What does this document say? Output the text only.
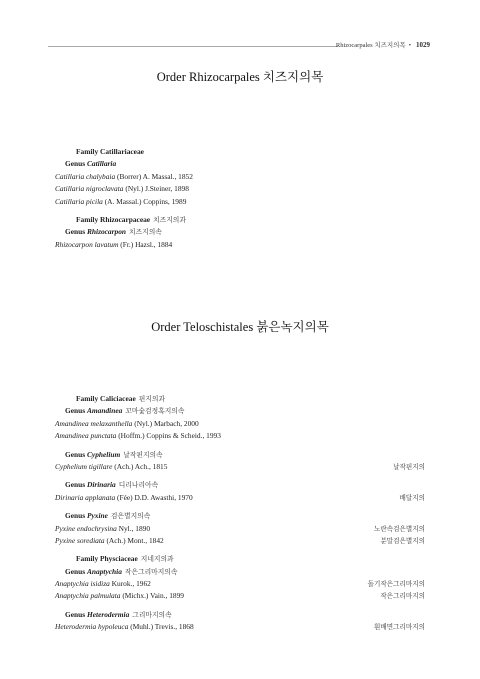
Rhizocarpales 치즈지의목 • 1029
Order Rhizocarpales 치즈지의목
Family Catillariaceae
Genus Catillaria
Catillaria chalybaia (Borrer) A. Massal., 1852
Catillaria nigroclavata (Nyl.) J.Steiner, 1898
Catillaria picila (A. Massal.) Coppins, 1989
Family Rhizocarpaceae 치즈지의과
Genus Rhizocarpon 치즈지의속
Rhizocarpon lavatum (Fr.) Hazsl., 1884
Order Teloschistales 붉은녹지의목
Family Caliciaceae 핀지의과
Genus Amandinea 꼬마숯검정혹지의속
Amandinea melaxanthella (Nyl.) Marbach, 2000
Amandinea punctata (Hoffm.) Coppins & Scheid., 1993
Genus Cyphelium 날작핀지의속
Cyphelium tigillare (Ach.) Ach., 1815	날작핀지의
Genus Dirinaria 디리나리아속
Dirinaria applanata (Fée) D.D. Awasthi, 1970	배달지의
Genus Pyxine 검은별지의속
Pyxine endochrysina Nyl., 1890	노란속검은별지의
Pyxine sorediata (Ach.) Mont., 1842	분말검은별지의
Family Physciaceae 지네지의과
Genus Anaptychia 작은그리마지의속
Anaptychia isidiza Kurok., 1962	돌기작은그리마지의
Anaptychia palmulata (Michx.) Vain., 1899	작은그리마지의
Genus Heterodermia 그리마지의속
Heterodermia hypoleuca (Muhl.) Trevis., 1868	흰배면그리마지의
